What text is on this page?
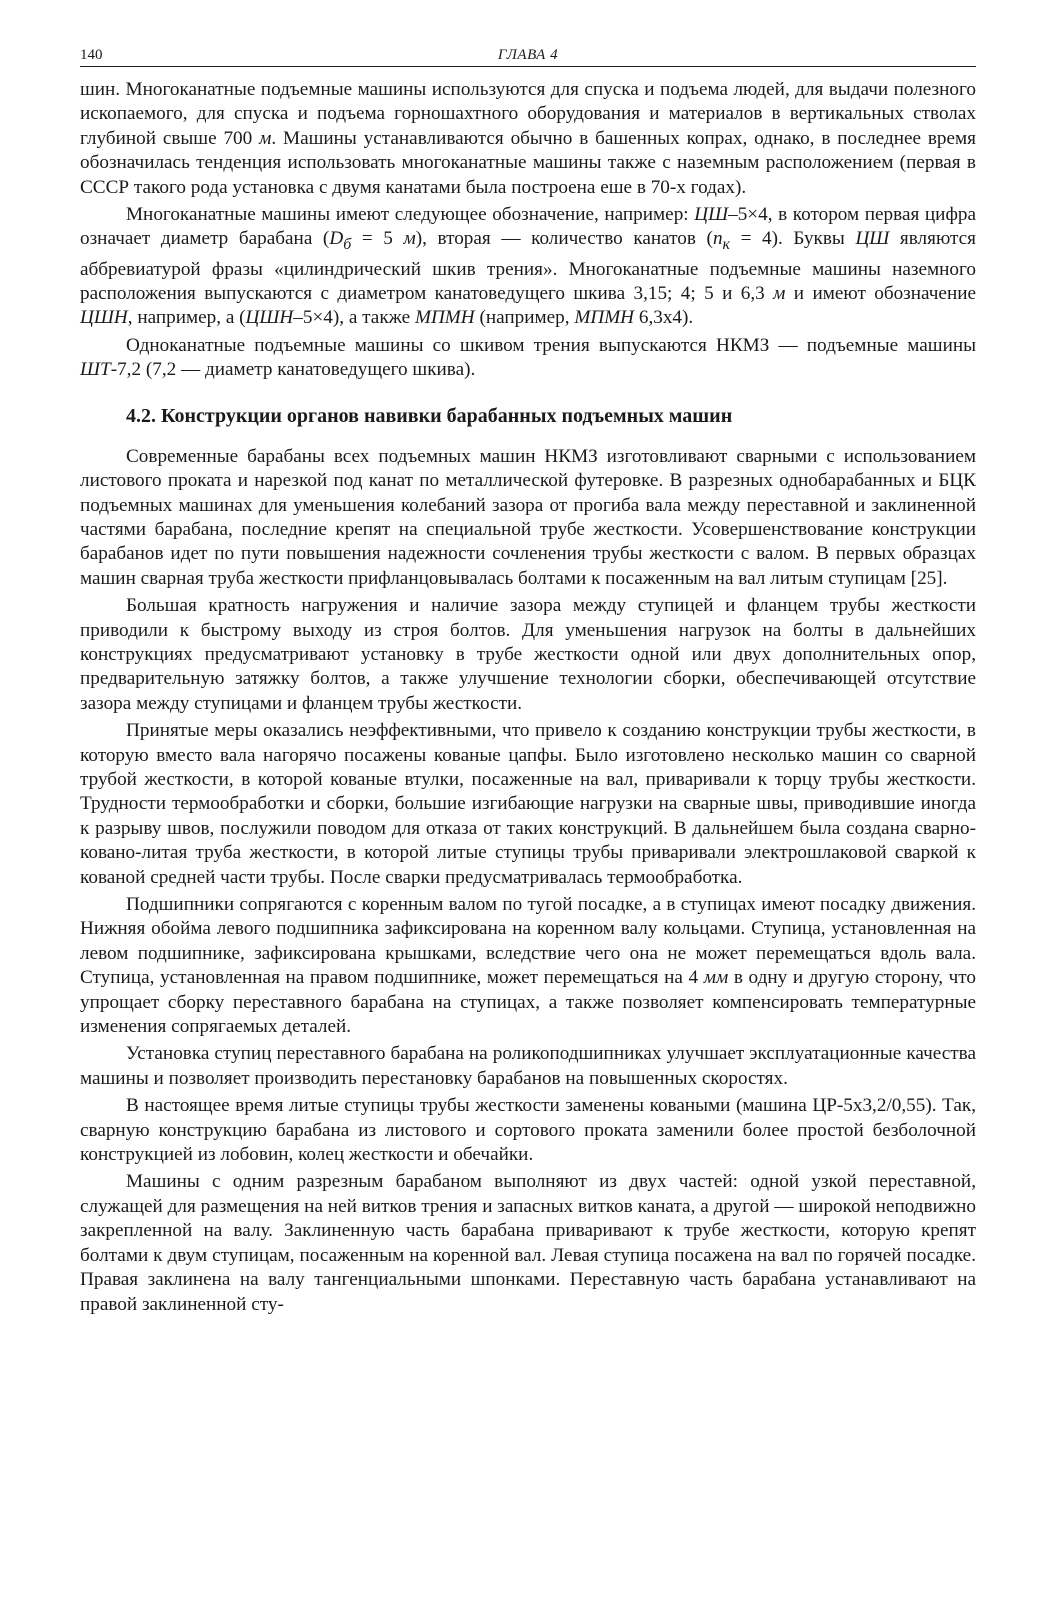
140	ГЛАВА 4

шин. Многоканатные подъемные машины используются для спуска и подъема людей, для выдачи полезного ископаемого, для спуска и подъема горношахтного оборудования и материалов в вертикальных стволах глубиной свыше 700 м. Машины устанавливаются обычно в башенных копрах, однако, в последнее время обозначилась тенденция использовать многоканатные машины также с наземным расположением (первая в СССР такого рода установка с двумя канатами была построена еше в 70-х годах).

Многоканатные машины имеют следующее обозначение, например: ЦШ–5×4, в котором первая цифра означает диаметр барабана ($D_б = 5$ м), вторая — количество канатов $(n_к = 4)$. Буквы ЦШ являются аббревиатурой фразы «цилиндрический шкив трения». Многоканатные подъемные машины наземного расположения выпускаются с диаметром канатоведущего шкива 3,15; 4; 5 и 6,3 м и имеют обозначение ЦШН, например, а (ЦШН–5×4), а также МПМН (например, МПМН 6,3х4).

Одноканатные подъемные машины со шкивом трения выпускаются НКМЗ — подъемные машины ШТ-7,2 (7,2 — диаметр канатоведущего шкива).

4.2. Конструкции органов навивки барабанных подъемных машин

Современные барабаны всех подъемных машин НКМЗ изготовливают сварными с использованием листового проката и нарезкой под канат по металлической футеровке. В разрезных однобарабанных и БЦК подъемных машинах для уменьшения колебаний зазора от прогиба вала между переставной и заклиненной частями барабана, последние крепят на специальной трубе жесткости. Усовершенствование конструкции барабанов идет по пути повышения надежности сочленения трубы жесткости с валом. В первых образцах машин сварная труба жесткости прифланцовывалась болтами к посаженным на вал литым ступицам [25].

Большая кратность нагружения и наличие зазора между ступицей и фланцем трубы жесткости приводили к быстрому выходу из строя болтов. Для уменьшения нагрузок на болты в дальнейших конструкциях предусматривают установку в трубе жесткости одной или двух дополнительных опор, предварительную затяжку болтов, а также улучшение технологии сборки, обеспечивающей отсутствие зазора между ступицами и фланцем трубы жесткости.

Принятые меры оказались неэффективными, что привело к созданию конструкции трубы жесткости, в которую вместо вала нагорячо посажены кованые цапфы. Было изготовлено несколько машин со сварной трубой жесткости, в которой кованые втулки, посаженные на вал, приваривали к торцу трубы жесткости. Трудности термообработки и сборки, большие изгибающие нагрузки на сварные швы, приводившие иногда к разрыву швов, послужили поводом для отказа от таких конструкций. В дальнейшем была создана сварно-ковано-литая труба жесткости, в которой литые ступицы трубы приваривали электрошлаковой сваркой к кованой средней части трубы. После сварки предусматривалась термообработка.

Подшипники сопрягаются с коренным валом по тугой посадке, а в ступицах имеют посадку движения. Нижняя обойма левого подшипника зафиксирована на коренном валу кольцами. Ступица, установленная на левом подшипнике, зафиксирована крышками, вследствие чего она не может перемещаться вдоль вала. Ступица, установленная на правом подшипнике, может перемещаться на 4 мм в одну и другую сторону, что упрощает сборку переставного барабана на ступицах, а также позволяет компенсировать температурные изменения сопрягаемых деталей.

Установка ступиц переставного барабана на роликоподшипниках улучшает эксплуатационные качества машины и позволяет производить перестановку барабанов на повышенных скоростях.

В настоящее время литые ступицы трубы жесткости заменены коваными (машина ЦР-5х3,2/0,55). Так, сварную конструкцию барабана из листового и сортового проката заменили более простой безболочной конструкцией из лобовин, колец жесткости и обечайки.

Машины с одним разрезным барабаном выполняют из двух частей: одной узкой переставной, служащей для размещения на ней витков трения и запасных витков каната, а другой — широкой неподвижно закрепленной на валу. Заклиненную часть барабана приваривают к трубе жесткости, которую крепят болтами к двум ступицам, посаженным на коренной вал. Левая ступица посажена на вал по горячей посадке. Правая заклинена на валу тангенциальными шпонками. Переставную часть барабана устанавливают на правой заклиненной сту-
